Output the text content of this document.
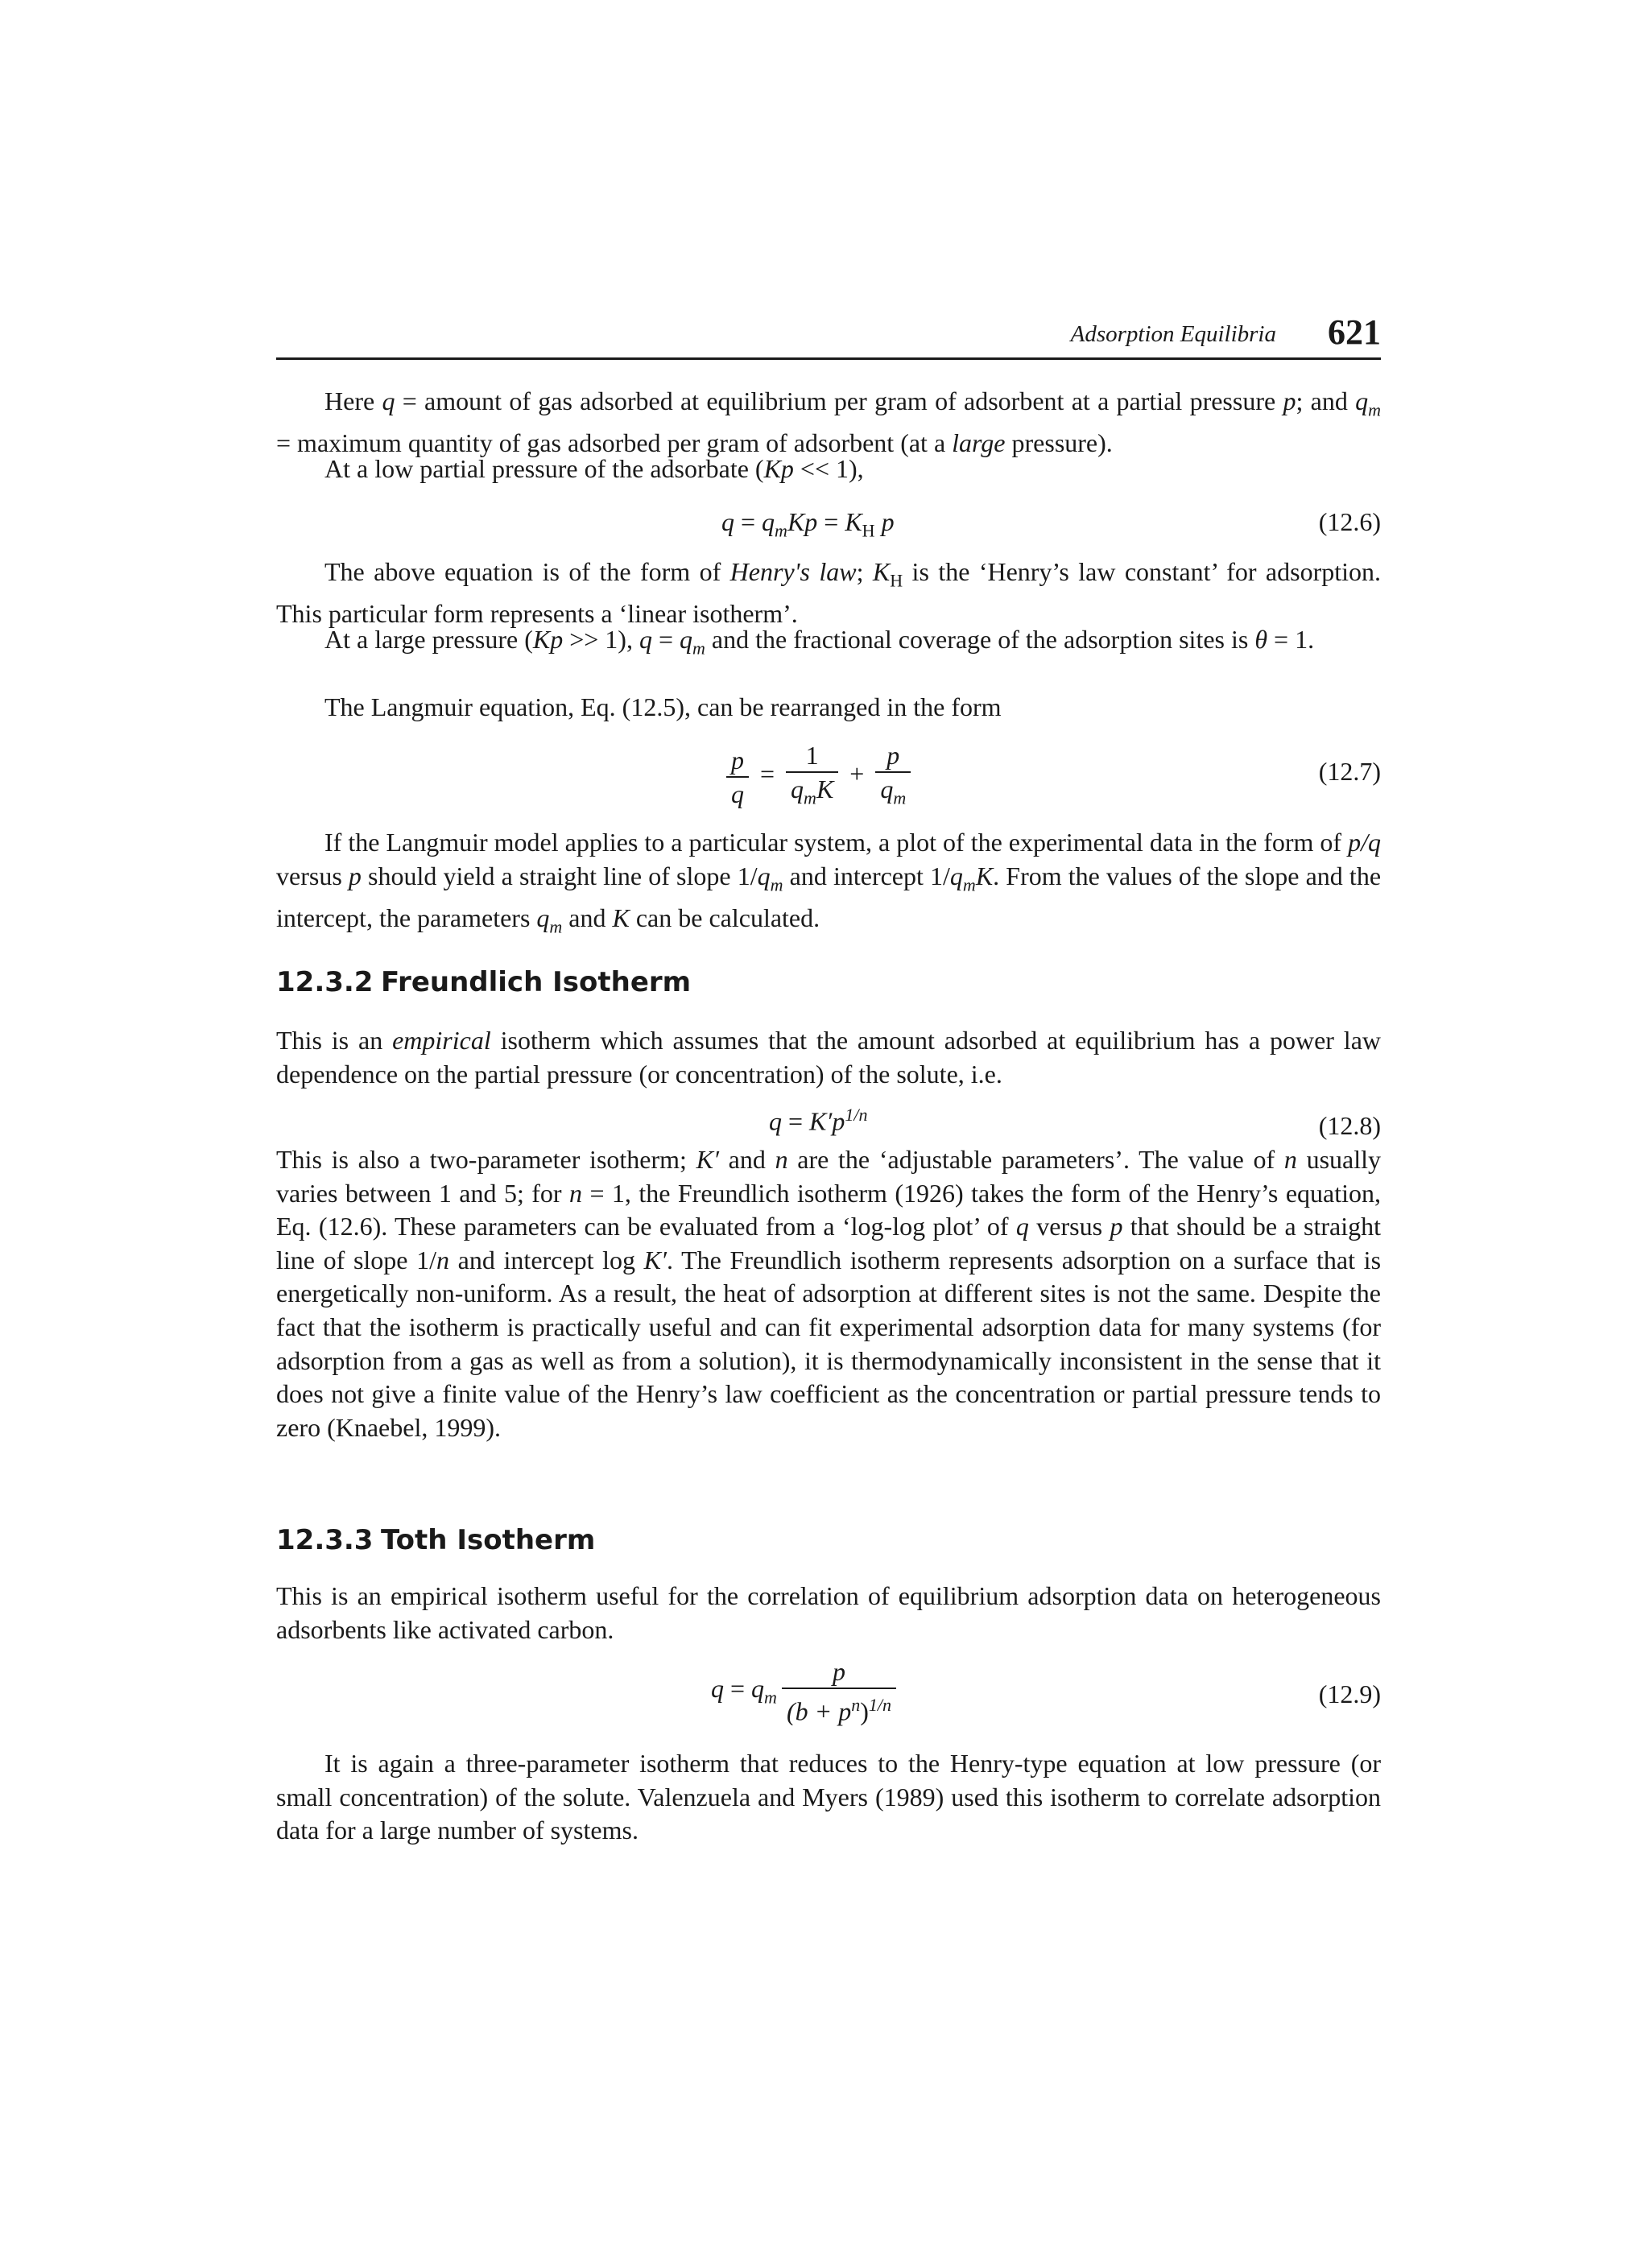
Adsorption Equilibria 621

Here q = amount of gas adsorbed at equilibrium per gram of adsorbent at a partial pressure p; and $q_m$ = maximum quantity of gas adsorbed per gram of adsorbent (at a large pressure).

At a low partial pressure of the adsorbate (Kp << 1),

$q = q_mKp = K_H$ p	(12.6)

The above equation is of the form of Henry's law; $K_H$ is the ‘Henry’s law constant’ for adsorption. This particular form represents a ‘linear isotherm’.

At a large pressure (Kp >> 1), $q = q_m$ and the fractional coverage of the adsorption sites is θ = 1.

The Langmuir equation, Eq. (12.5), can be rearranged in the form

$\frac{p}{q} = \frac{1}{q_mK} + \frac{p}{q_m}$	(12.7)

If the Langmuir model applies to a particular system, a plot of the experimental data in the form of p/q versus p should yield a straight line of slope $1/q_m$ and intercept $1/q_mK$. From the values of the slope and the intercept, the parameters $q_m$ and K can be calculated.

12.3.2 Freundlich Isotherm

This is an empirical isotherm which assumes that the amount adsorbed at equilibrium has a power law dependence on the partial pressure (or concentration) of the solute, i.e.

$q = K'p^{1/n}$	(12.8)

This is also a two-parameter isotherm; K′ and n are the ‘adjustable parameters’. The value of n usually varies between 1 and 5; for n = 1, the Freundlich isotherm (1926) takes the form of the Henry’s equation, Eq. (12.6). These parameters can be evaluated from a ‘log-log plot’ of q versus p that should be a straight line of slope 1/n and intercept log K′. The Freundlich isotherm represents adsorption on a surface that is energetically non-uniform. As a result, the heat of adsorption at different sites is not the same. Despite the fact that the isotherm is practically useful and can fit experimental adsorption data for many systems (for adsorption from a gas as well as from a solution), it is thermodynamically inconsistent in the sense that it does not give a finite value of the Henry’s law coefficient as the concentration or partial pressure tends to zero (Knaebel, 1999).

12.3.3 Toth Isotherm

This is an empirical isotherm useful for the correlation of equilibrium adsorption data on heterogeneous adsorbents like activated carbon.

$q = q_m \frac{p}{(b + p^n)^{1/n}}$	(12.9)

It is again a three-parameter isotherm that reduces to the Henry-type equation at low pressure (or small concentration) of the solute. Valenzuela and Myers (1989) used this isotherm to correlate adsorption data for a large number of systems.
